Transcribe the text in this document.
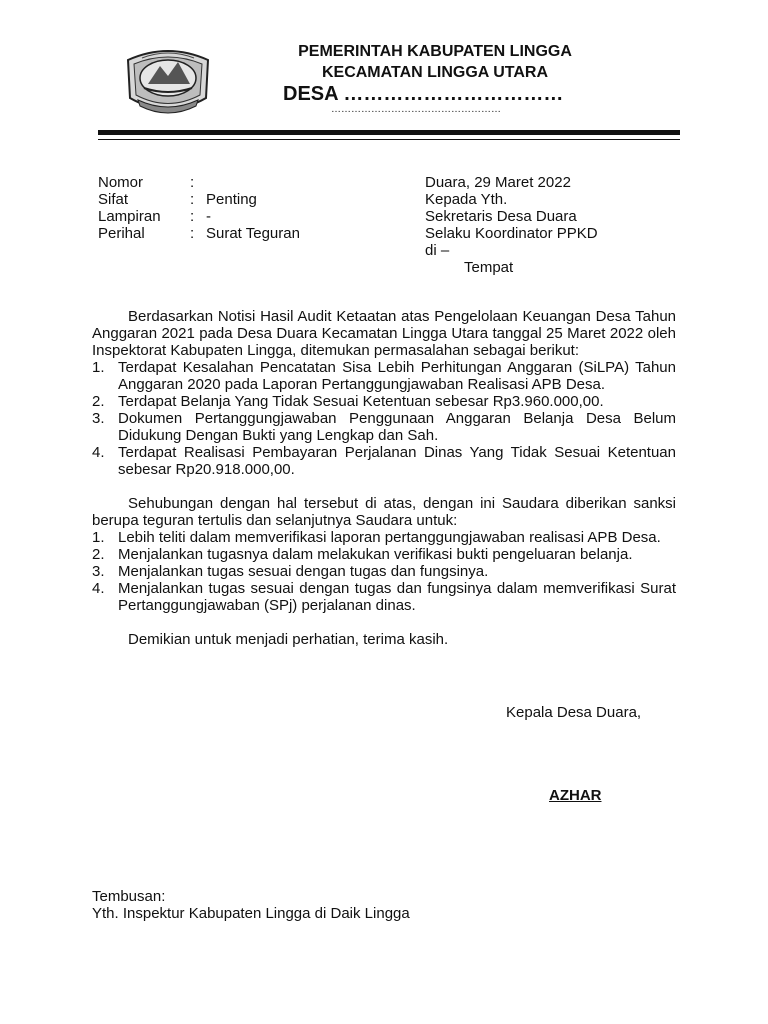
PEMERINTAH KABUPATEN LINGGA
KECAMATAN LINGGA UTARA
DESA ……………………………
……………………………………………
Nomor	:
Sifat	: Penting
Lampiran : -
Perihal	: Surat Teguran
Duara, 29 Maret 2022
Kepada Yth.
Sekretaris Desa Duara
Selaku Koordinator PPKD
di –
Tempat

Berdasarkan Notisi Hasil Audit Ketaatan atas Pengelolaan Keuangan Desa Tahun Anggaran 2021 pada Desa Duara Kecamatan Lingga Utara tanggal 25 Maret 2022 oleh Inspektorat Kabupaten Lingga, ditemukan permasalahan sebagai berikut:

1. Terdapat Kesalahan Pencatatan Sisa Lebih Perhitungan Anggaran (SiLPA) Tahun Anggaran 2020 pada Laporan Pertanggungjawaban Realisasi APB Desa.
2. Terdapat Belanja Yang Tidak Sesuai Ketentuan sebesar Rp3.960.000,00.
3. Dokumen Pertanggungjawaban Penggunaan Anggaran Belanja Desa Belum Didukung Dengan Bukti yang Lengkap dan Sah.
4. Terdapat Realisasi Pembayaran Perjalanan Dinas Yang Tidak Sesuai Ketentuan sebesar Rp20.918.000,00.

Sehubungan dengan hal tersebut di atas, dengan ini Saudara diberikan sanksi berupa teguran tertulis dan selanjutnya Saudara untuk:

1. Lebih teliti dalam memverifikasi laporan pertanggungjawaban realisasi APB Desa.
2. Menjalankan tugasnya dalam melakukan verifikasi bukti pengeluaran belanja.
3. Menjalankan tugas sesuai dengan tugas dan fungsinya.
4. Menjalankan tugas sesuai dengan tugas dan fungsinya dalam memverifikasi Surat Pertanggungjawaban (SPj) perjalanan dinas.

Demikian untuk menjadi perhatian, terima kasih.

Kepala Desa Duara,
AZHAR
Tembusan:
Yth. Inspektur Kabupaten Lingga di Daik Lingga
